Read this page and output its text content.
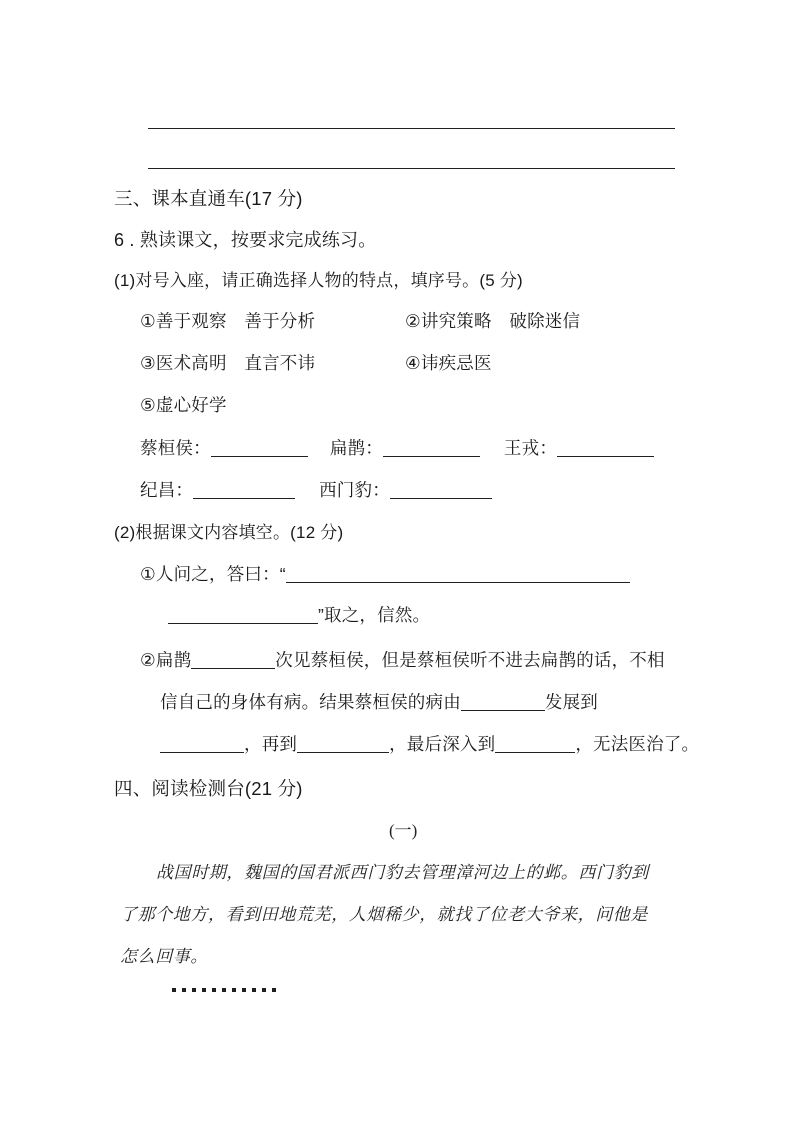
三、课本直通车(17 分)
6 . 熟读课文，按要求完成练习。
(1)对号入座，请正确选择人物的特点，填序号。(5 分)
①善于观察　善于分析	②讲究策略　破除迷信
③医术高明　直言不讳	④讳疾忌医
⑤虚心好学
蔡桓侯：	扁鹊：	王戎：
纪昌：	西门豹：
(2)根据课文内容填空。(12 分)
①人问之，答曰：“
”取之，信然。
②扁鹊	次见蔡桓侯，但是蔡桓侯听不进去扁鹊的话，不相
信自己的身体有病。结果蔡桓侯的病由	发展到
，再到	，最后深入到	，无法医治了。
四、阅读检测台(21 分)
(一)
战国时期，魏国的国君派西门豹去管理漳河边上的邺。西门豹到
了那个地方，看到田地荒芜，人烟稀少，就找了位老大爷来，问他是
怎么回事。
